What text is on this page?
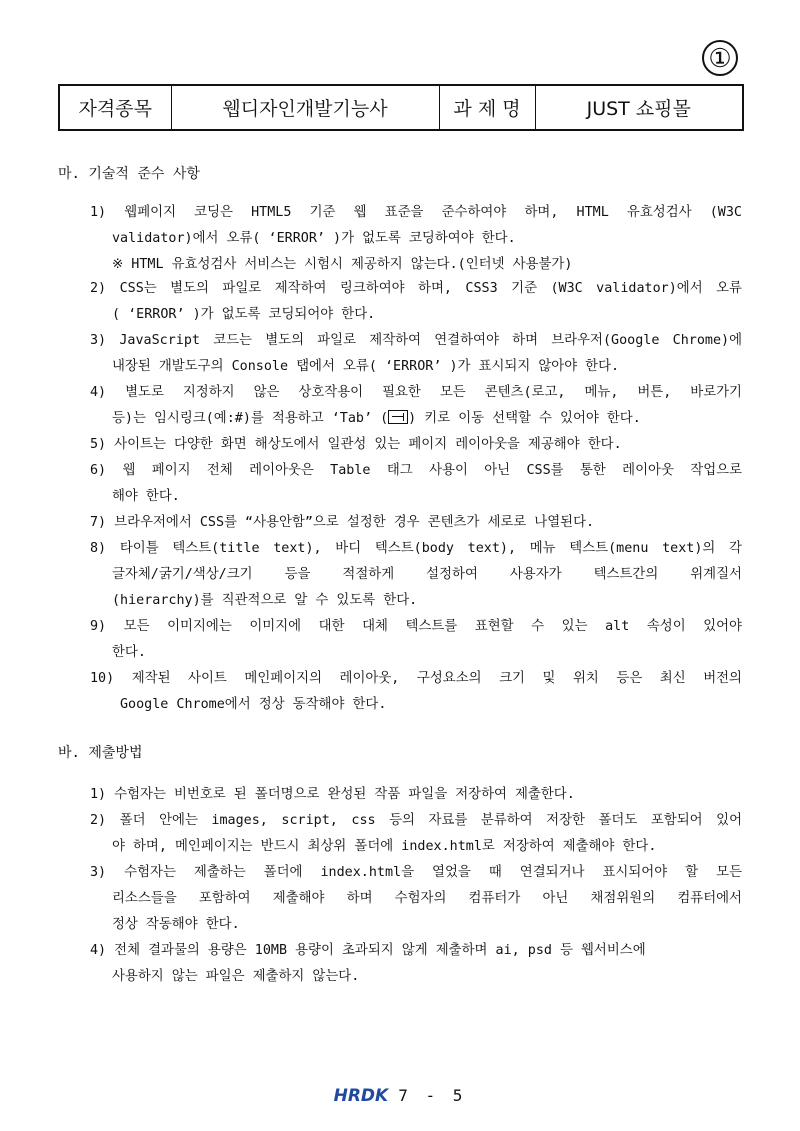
①
자격종목	웹디자인개발기능사	과 제 명	JUST 쇼핑몰
마. 기술적 준수 사항
1) 웹페이지 코딩은 HTML5 기준 웹 표준을 준수하여야 하며, HTML 유효성검사 (W3C
validator)에서 오류( ‘ERROR’ )가 없도록 코딩하여야 한다.
※ HTML 유효성검사 서비스는 시험시 제공하지 않는다.(인터넷 사용불가)
2) CSS는 별도의 파일로 제작하여 링크하여야 하며, CSS3 기준 (W3C validator)에서 오류
( ‘ERROR’ )가 없도록 코딩되어야 한다.
3) JavaScript 코드는 별도의 파일로 제작하여 연결하여야 하며 브라우저(Google Chrome)에
내장된 개발도구의 Console 탭에서 오류( ‘ERROR’ )가 표시되지 않아야 한다.
4) 별도로 지정하지 않은 상호작용이 필요한 모든 콘텐츠(로고, 메뉴, 버튼, 바로가기
등)는 임시링크(예:#)를 적용하고 ‘Tab’ ( ) 키로 이동 선택할 수 있어야 한다.
5) 사이트는 다양한 화면 해상도에서 일관성 있는 페이지 레이아웃을 제공해야 한다.
6) 웹 페이지 전체 레이아웃은 Table 태그 사용이 아닌 CSS를 통한 레이아웃 작업으로
해야 한다.
7) 브라우저에서 CSS를 “사용안함”으로 설정한 경우 콘텐츠가 세로로 나열된다.
8) 타이틀 텍스트(title text), 바디 텍스트(body text), 메뉴 텍스트(menu text)의 각
글자체/굵기/색상/크기 등을 적절하게 설정하여 사용자가 텍스트간의 위계질서
(hierarchy)를 직관적으로 알 수 있도록 한다.
9) 모든 이미지에는 이미지에 대한 대체 텍스트를 표현할 수 있는 alt 속성이 있어야
한다.
10) 제작된 사이트 메인페이지의 레이아웃, 구성요소의 크기 및 위치 등은 최신 버전의
Google Chrome에서 정상 동작해야 한다.
바. 제출방법
1) 수험자는 비번호로 된 폴더명으로 완성된 작품 파일을 저장하여 제출한다.
2) 폴더 안에는 images, script, css 등의 자료를 분류하여 저장한 폴더도 포함되어 있어
야 하며, 메인페이지는 반드시 최상위 폴더에 index.html로 저장하여 제출해야 한다.
3) 수험자는 제출하는 폴더에 index.html을 열었을 때 연결되거나 표시되어야 할 모든
리소스들을 포함하여 제출해야 하며 수험자의 컴퓨터가 아닌 채점위원의 컴퓨터에서
정상 작동해야 한다.
4) 전체 결과물의 용량은 10MB 용량이 초과되지 않게 제출하며 ai, psd 등 웹서비스에
사용하지 않는 파일은 제출하지 않는다.
HRDK 7 - 5
